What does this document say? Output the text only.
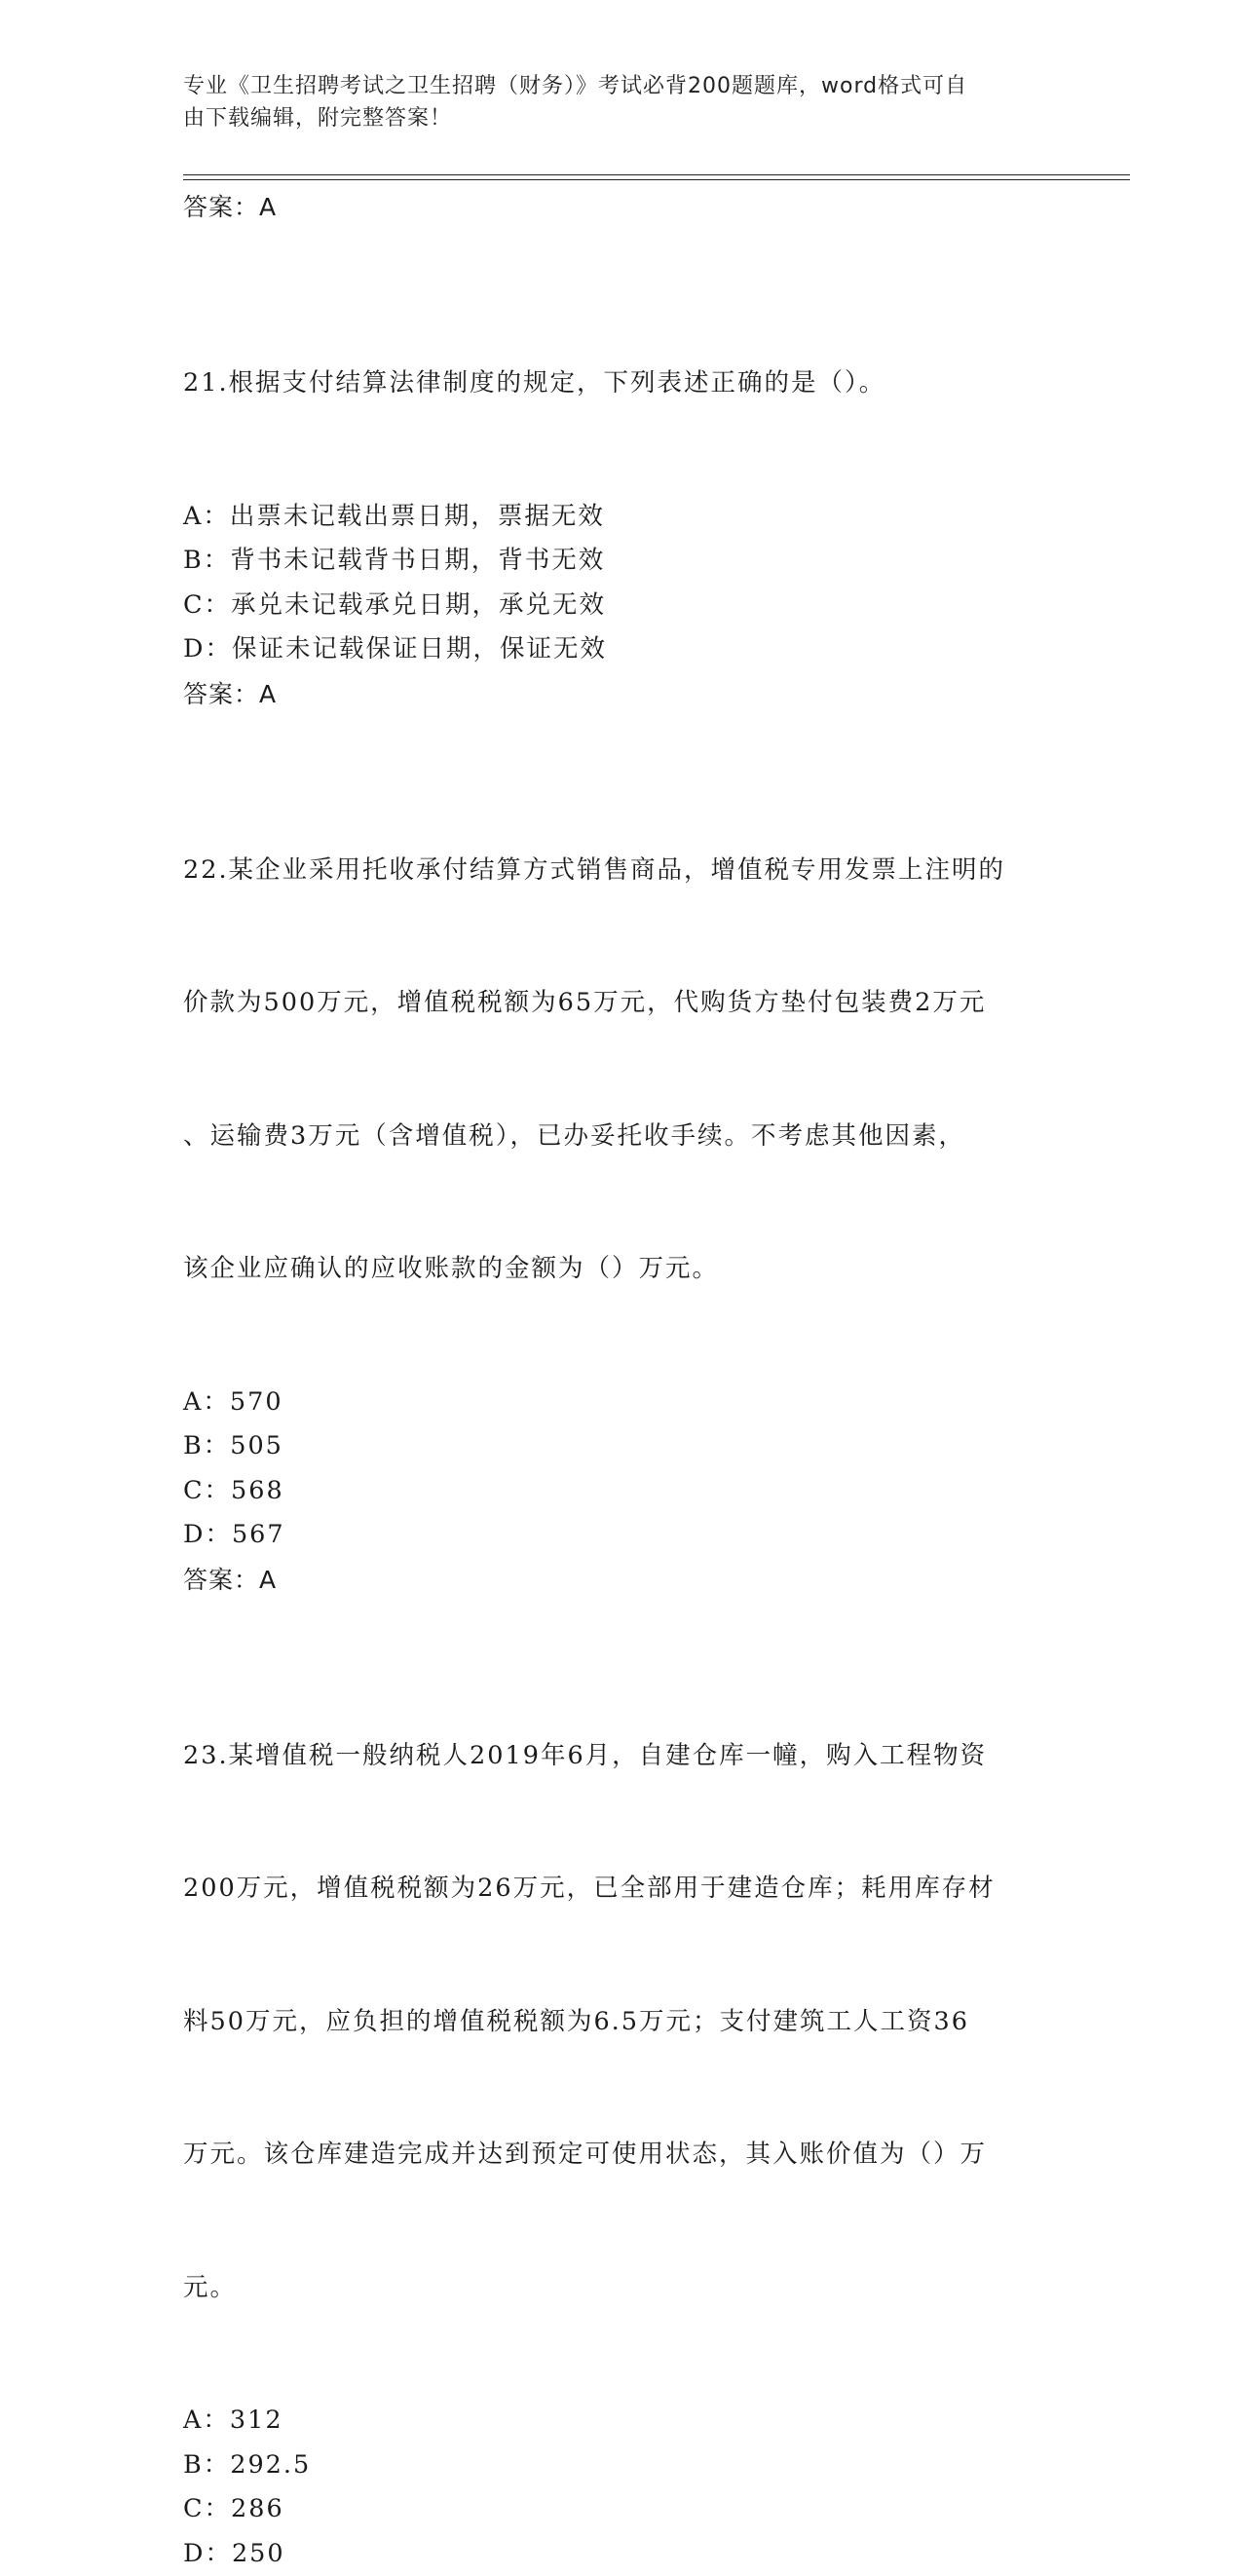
专业《卫生招聘考试之卫生招聘（财务）》考试必背200题题库，word格式可自
由下载编辑，附完整答案！
答案：A

21.根据支付结算法律制度的规定，下列表述正确的是（）。

A：出票未记载出票日期，票据无效
B：背书未记载背书日期，背书无效
C：承兑未记载承兑日期，承兑无效
D：保证未记载保证日期，保证无效
答案：A

22.某企业采用托收承付结算方式销售商品，增值税专用发票上注明的

价款为500万元，增值税税额为65万元，代购货方垫付包装费2万元

、运输费3万元（含增值税），已办妥托收手续。不考虑其他因素，

该企业应确认的应收账款的金额为（）万元。

A：570
B：505
C：568
D：567
答案：A

23.某增值税一般纳税人2019年6月，自建仓库一幢，购入工程物资

200万元，增值税税额为26万元，已全部用于建造仓库；耗用库存材

料50万元，应负担的增值税税额为6.5万元；支付建筑工人工资36

万元。该仓库建造完成并达到预定可使用状态，其入账价值为（）万

元。

A：312
B：292.5
C：286
D：250
